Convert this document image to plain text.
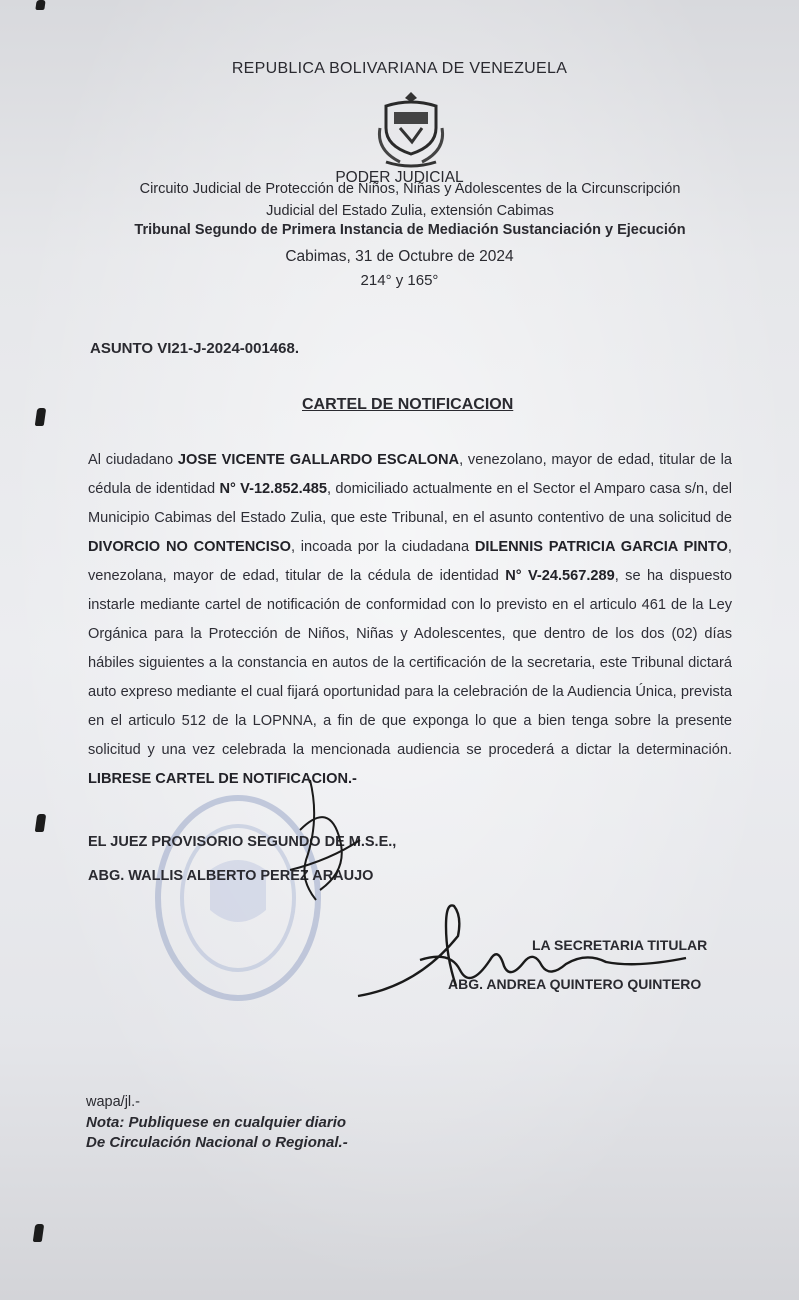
REPUBLICA BOLIVARIANA DE VENEZUELA
PODER JUDICIAL
Circuito Judicial de Protección de Niños, Niñas y Adolescentes de la Circunscripción
Judicial del Estado Zulia, extensión Cabimas
Tribunal Segundo de Primera Instancia de Mediación Sustanciación y Ejecución
Cabimas, 31 de Octubre de 2024
214° y 165°
ASUNTO VI21-J-2024-001468.
CARTEL DE NOTIFICACION
Al ciudadano JOSE VICENTE GALLARDO ESCALONA, venezolano, mayor de edad, titular de la cédula de identidad N° V-12.852.485, domiciliado actualmente en el Sector el Amparo casa s/n, del Municipio Cabimas del Estado Zulia, que este Tribunal, en el asunto contentivo de una solicitud de DIVORCIO NO CONTENCISO, incoada por la ciudadana DILENNIS PATRICIA GARCIA PINTO, venezolana, mayor de edad, titular de la cédula de identidad N° V-24.567.289, se ha dispuesto instarle mediante cartel de notificación de conformidad con lo previsto en el articulo 461 de la Ley Orgánica para la Protección de Niños, Niñas y Adolescentes, que dentro de los dos (02) días hábiles siguientes a la constancia en autos de la certificación de la secretaria, este Tribunal dictará auto expreso mediante el cual fijará oportunidad para la celebración de la Audiencia Única, prevista en el articulo 512 de la LOPNNA, a fin de que exponga lo que a bien tenga sobre la presente solicitud y una vez celebrada la mencionada audiencia se procederá a dictar la determinación. LIBRESE CARTEL DE NOTIFICACION.-
EL JUEZ PROVISORIO SEGUNDO DE M.S.E.,
ABG. WALLIS ALBERTO PEREZ ARAUJO
LA SECRETARIA TITULAR
ABG. ANDREA QUINTERO QUINTERO
wapa/jl.-
Nota: Publiquese en cualquier diario
De Circulación Nacional o Regional.-
